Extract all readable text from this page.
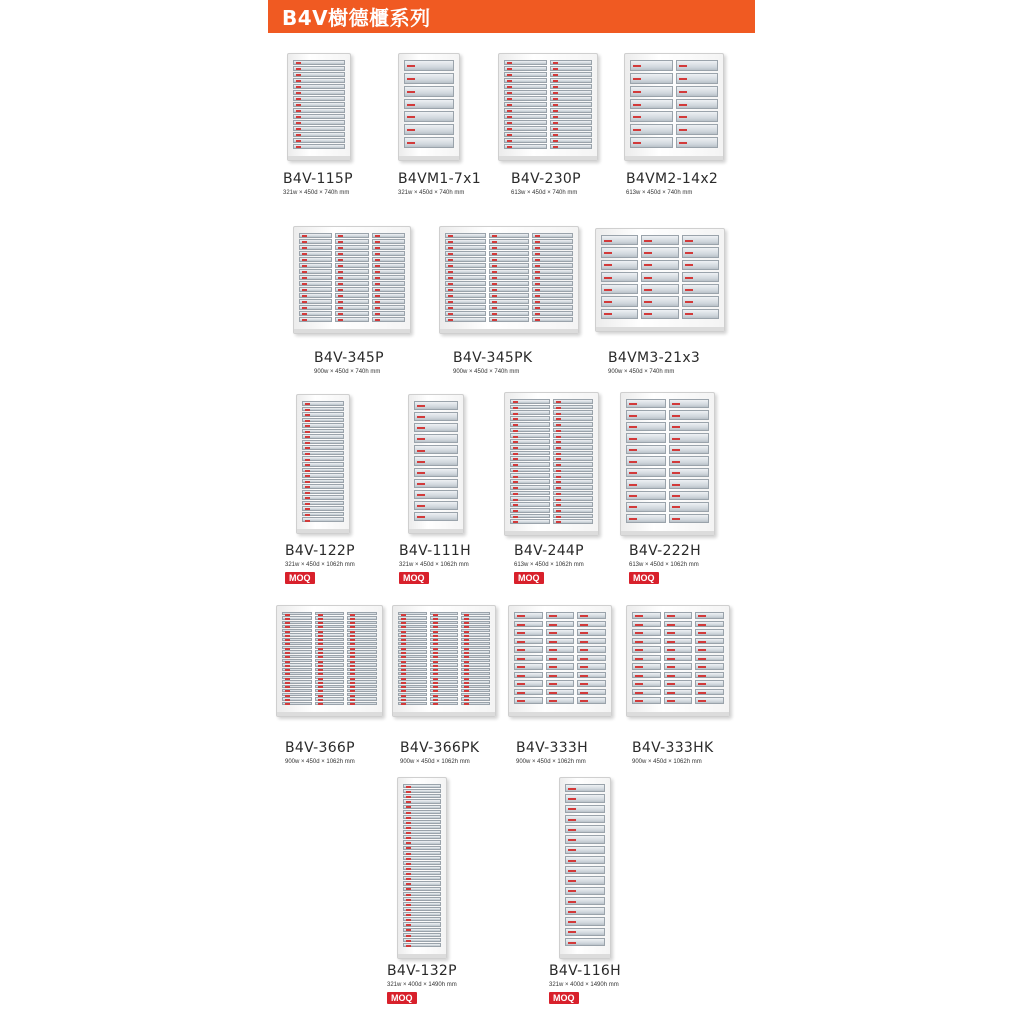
B4V樹德櫃系列
B4V-115P
321w × 450d × 740h mm
B4VM1-7x1
321w × 450d × 740h mm
B4V-230P
613w × 450d × 740h mm
B4VM2-14x2
613w × 450d × 740h mm
B4V-345P
900w × 450d × 740h mm
B4V-345PK
900w × 450d × 740h mm
B4VM3-21x3
900w × 450d × 740h mm
B4V-122P
321w × 450d × 1062h mm
MOQ
B4V-111H
321w × 450d × 1062h mm
MOQ
B4V-244P
613w × 450d × 1062h mm
MOQ
B4V-222H
613w × 450d × 1062h mm
MOQ
B4V-366P
900w × 450d × 1062h mm
B4V-366PK
900w × 450d × 1062h mm
B4V-333H
900w × 450d × 1062h mm
B4V-333HK
900w × 450d × 1062h mm
B4V-132P
321w × 400d × 1490h mm
MOQ
B4V-116H
321w × 400d × 1490h mm
MOQ
